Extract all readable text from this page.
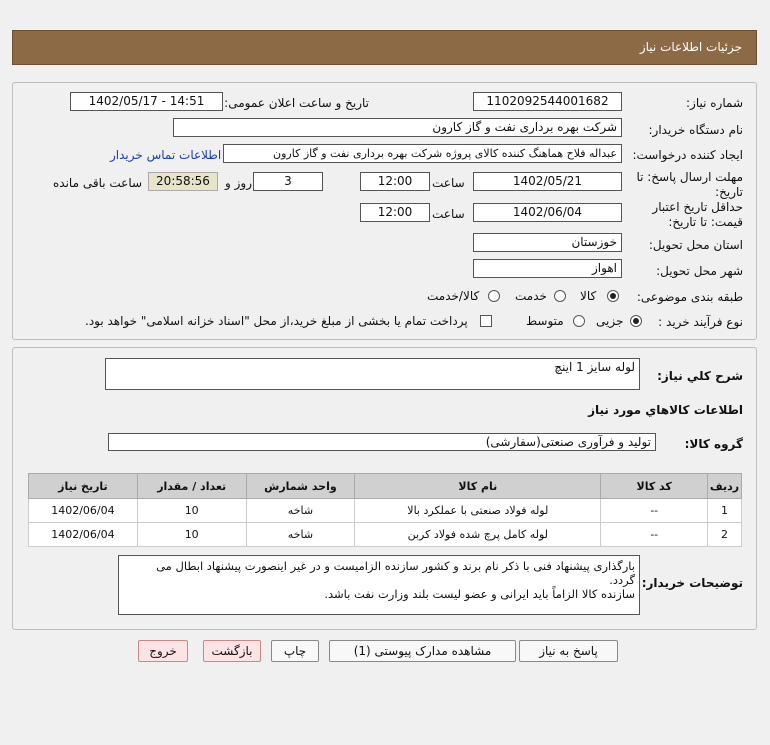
جزئیات اطلاعات نیاز
شماره نیاز:
1102092544001682
تاریخ و ساعت اعلان عمومی:
1402/05/17 - 14:51
نام دستگاه خریدار:
شرکت بهره برداری نفت و گاز کارون
ایجاد کننده درخواست:
عبداله فلاح هماهنگ کننده کالای پروژه شرکت بهره برداری نفت و گاز کارون
اطلاعات تماس خریدار
مهلت ارسال پاسخ: تا
تاریخ:
1402/05/21
ساعت
12:00
3
روز و
20:58:56
ساعت باقی مانده
حداقل تاریخ اعتبار
قیمت: تا تاریخ:
1402/06/04
ساعت
12:00
استان محل تحویل:
خوزستان
شهر محل تحویل:
اهواز
طبقه بندی موضوعی:
کالا
خدمت
کالا/خدمت
نوع فرآیند خرید :
جزیی
متوسط
پرداخت تمام یا بخشی از مبلغ خرید،از محل "اسناد خزانه اسلامی" خواهد بود.
شرح کلي نياز:
لوله سایز 1 اینچ
اطلاعات کالاهاي مورد نياز
گروه کالا:
تولید و فرآوری صنعتی(سفارشی)
ردیف	کد کالا	نام کالا	واحد شمارش	تعداد / مقدار	تاریخ نیاز
1	--	لوله فولاد صنعتی با عملکرد بالا	شاخه	10	1402/06/04
2	--	لوله کامل پرچ شده فولاد کربن	شاخه	10	1402/06/04
توضیحات خریدار:
بارگذاری پیشنهاد فنی با ذکر نام برند و کشور سازنده الزامیست و در غیر اینصورت پیشنهاد ابطال می
گردد.
سازنده کالا الزاماً باید ایرانی و عضو لیست بلند وزارت نفت باشد.
پاسخ به نیاز
مشاهده مدارک پیوستی (1)
چاپ
بازگشت
خروج
